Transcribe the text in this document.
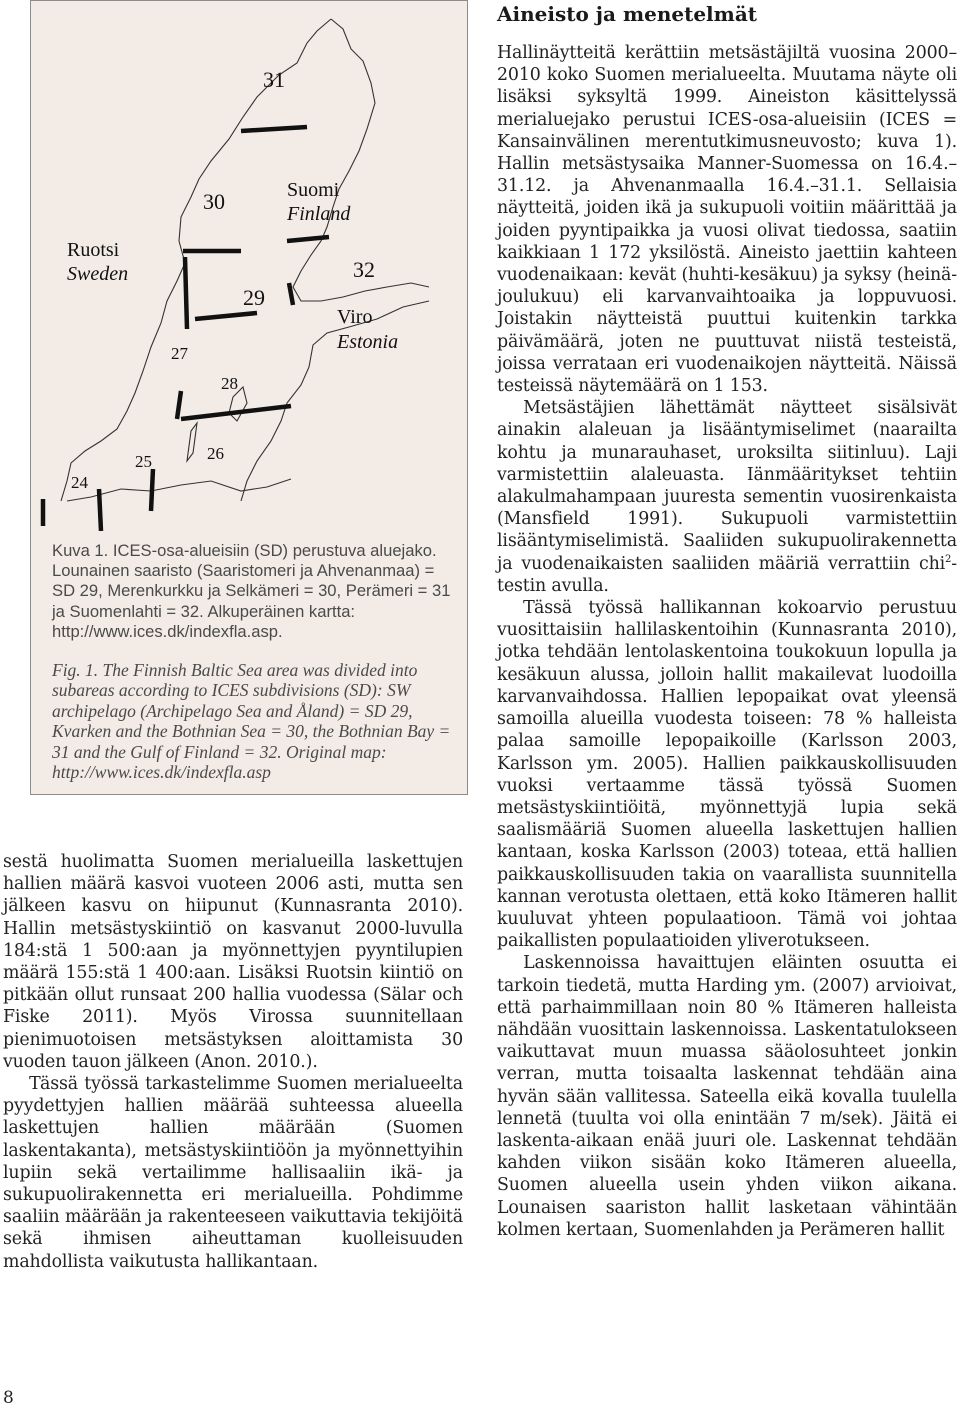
31
30	Suomi
Finland
Ruotsi
Sweden	32
29
Viro
Estonia
27
28
26
25
24
Kuva 1. ICES-osa-alueisiin (SD) perustuva aluejako. Lounainen saaristo (Saaristomeri ja Ahvenanmaa) = SD 29, Merenkurkku ja Selkämeri = 30, Perämeri = 31 ja Suomenlahti = 32. Alkuperäinen kartta: http://www.ices.dk/indexfla.asp.
Fig. 1. The Finnish Baltic Sea area was divided into subareas according to ICES subdivisions (SD): SW archipelago (Archipelago Sea and Åland) = SD 29, Kvarken and the Bothnian Sea = 30, the Bothnian Bay = 31 and the Gulf of Finland = 32. Original map: http://www.ices.dk/indexfla.asp

sestä huolimatta Suomen merialueilla laskettujen hallien määrä kasvoi vuoteen 2006 asti, mutta sen jälkeen kasvu on hiipunut (Kunnasranta 2010). Hallin metsästyskiintiö on kasvanut 2000-luvulla 184:stä 1 500:aan ja myönnettyjen pyyntilupien määrä 155:stä 1 400:aan. Lisäksi Ruotsin kiintiö on pitkään ollut runsaat 200 hallia vuodessa (Sälar och Fiske 2011). Myös Virossa suunnitellaan pienimuotoisen metsästyksen aloittamista 30 vuoden tauon jälkeen (Anon. 2010.).

Tässä työssä tarkastelimme Suomen merialueelta pyydettyjen hallien määrää suhteessa alueella laskettujen hallien määrään (Suomen laskentakanta), metsästyskiintiöön ja myönnettyihin lupiin sekä vertailimme hallisaaliin ikä- ja sukupuolirakennetta eri merialueilla. Pohdimme saaliin määrään ja rakenteeseen vaikuttavia tekijöitä sekä ihmisen aiheuttaman kuolleisuuden mahdollista vaikutusta hallikantaan.

Aineisto ja menetelmät

Hallinäytteitä kerättiin metsästäjiltä vuosina 2000–2010 koko Suomen merialueelta. Muutama näyte oli lisäksi syksyltä 1999. Aineiston käsittelyssä merialuejako perustui ICES-osa-alueisiin (ICES = Kansainvälinen merentutkimusneuvosto; kuva 1). Hallin metsästysaika Manner-Suomessa on 16.4.–31.12. ja Ahvenanmaalla 16.4.–31.1. Sellaisia näytteitä, joiden ikä ja sukupuoli voitiin määrittää ja joiden pyyntipaikka ja vuosi olivat tiedossa, saatiin kaikkiaan 1 172 yksilöstä. Aineisto jaettiin kahteen vuodenaikaan: kevät (huhti-kesäkuu) ja syksy (heinä-joulukuu) eli karvanvaihtoaika ja loppuvuosi. Joistakin näytteistä puuttui kuitenkin tarkka päivämäärä, joten ne puuttuvat niistä testeistä, joissa verrataan eri vuodenaikojen näytteitä. Näissä testeissä näytemäärä on 1 153.

Metsästäjien lähettämät näytteet sisälsivät ainakin alaleuan ja lisääntymiselimet (naarailta kohtu ja munarauhaset, uroksilta siitinluu). Laji varmistettiin alaleuasta. Iänmääritykset tehtiin alakulmahampaan juuresta sementin vuosirenkaista (Mansfield 1991). Sukupuoli varmistettiin lisääntymiselimistä. Saaliiden sukupuolirakennetta ja vuodenaikaisten saaliiden määriä verrattiin chi$^2$-testin avulla.

Tässä työssä hallikannan kokoarvio perustuu vuosittaisiin hallilaskentoihin (Kunnasranta 2010), jotka tehdään lentolaskentoina toukokuun lopulla ja kesäkuun alussa, jolloin hallit makailevat luodoilla karvanvaihdossa. Hallien lepopaikat ovat yleensä samoilla alueilla vuodesta toiseen: 78 % halleista palaa samoille lepopaikoille (Karlsson 2003, Karlsson ym. 2005). Hallien paikkauskollisuuden vuoksi vertaamme tässä työssä Suomen metsästyskiintiöitä, myönnettyjä lupia sekä saalismääriä Suomen alueella laskettujen hallien kantaan, koska Karlsson (2003) toteaa, että hallien paikkauskollisuuden takia on vaarallista suunnitella kannan verotusta olettaen, että koko Itämeren hallit kuuluvat yhteen populaatioon. Tämä voi johtaa paikallisten populaatioiden yliverotukseen.

Laskennoissa havaittujen eläinten osuutta ei tarkoin tiedetä, mutta Harding ym. (2007) arvioivat, että parhaimmillaan noin 80 % Itämeren halleista nähdään vuosittain laskennoissa. Laskentatulokseen vaikuttavat muun muassa sääolosuhteet jonkin verran, mutta toisaalta laskennat tehdään aina hyvän sään vallitessa. Sateella eikä kovalla tuulella lennetä (tuulta voi olla enintään 7 m/sek). Jäitä ei laskenta-aikaan enää juuri ole. Laskennat tehdään kahden viikon sisään koko Itämeren alueella, Suomen alueella usein yhden viikon aikana. Lounaisen saariston hallit lasketaan vähintään kolmen kertaan, Suomenlahden ja Perämeren hallit

8
